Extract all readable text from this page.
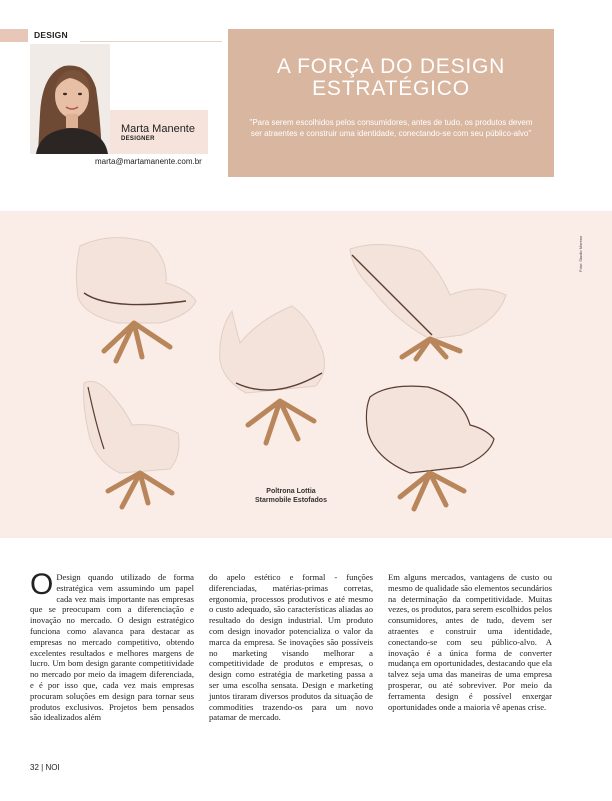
DESIGN
Marta Manente
DESIGNER
marta@martamanente.com.br
A FORÇA DO DESIGN ESTRATÉGICO
"Para serem escolhidos pelos consumidores, antes de tudo, os produtos devem ser atraentes e construir uma identidade, conectando-se com seu público-alvo"
Poltrona Lottia
Starmobile Estofados
Foto: Studio Moreno

O Design quando utilizado de forma estratégica vem assumindo um papel cada vez mais importante nas empresas que se preocupam com a diferenciação e inovação no mercado. O design estratégico funciona como alavanca para destacar as empresas no mercado competitivo, obtendo excelentes resultados e melhores margens de lucro. Um bom design garante competitividade no mercado por meio da imagem diferenciada, e é por isso que, cada vez mais empresas procuram soluções em design para tornar seus produtos exclusivos. Projetos bem pensados são idealizados além

do apelo estético e formal - funções diferenciadas, matérias-primas corretas, ergonomia, processos produtivos e até mesmo o custo adequado, são características aliadas ao resultado do design industrial. Um produto com design inovador potencializa o valor da marca da empresa. Se inovações são possíveis no marketing visando melhorar a competitividade de produtos e empresas, o design como estratégia de marketing passa a ser uma escolha sensata. Design e marketing juntos tiraram diversos produtos da situação de commodities trazendo-os para um novo patamar de mercado.

Em alguns mercados, vantagens de custo ou mesmo de qualidade são elementos secundários na determinação da competitividade. Muitas vezes, os produtos, para serem escolhidos pelos consumidores, antes de tudo, devem ser atraentes e construir uma identidade, conectando-se com seu público-alvo. A inovação é a única forma de converter mudança em oportunidades, destacando que ela talvez seja uma das maneiras de uma empresa prosperar, ou até sobreviver. Por meio da ferramenta design é possível enxergar oportunidades onde a maioria vê apenas crise.

32 | NOI
